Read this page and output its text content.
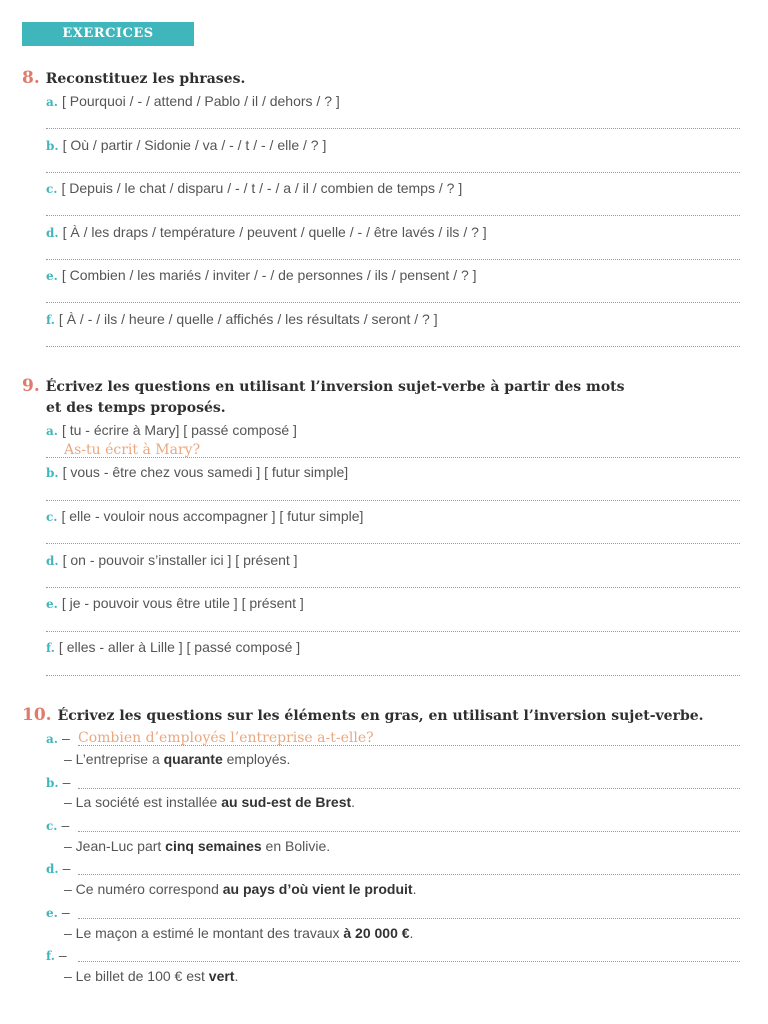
EXERCICES
8. Reconstituez les phrases.
a. [ Pourquoi / - / attend / Pablo / il / dehors / ? ]
b. [ Où / partir / Sidonie / va / - / t / - / elle / ? ]
c. [ Depuis / le chat / disparu / - / t / - / a / il / combien de temps / ? ]
d. [ À / les draps / température / peuvent / quelle / - / être lavés / ils / ? ]
e. [ Combien / les mariés / inviter / - / de personnes / ils / pensent / ? ]
f. [ À / - / ils / heure / quelle / affichés / les résultats / seront / ? ]
9. Écrivez les questions en utilisant l’inversion sujet-verbe à partir des mots
et des temps proposés.
a. [ tu - écrire à Mary] [ passé composé ]
As-tu écrit à Mary?
b. [ vous - être chez vous samedi ] [ futur simple]
c. [ elle - vouloir nous accompagner ] [ futur simple]
d. [ on - pouvoir s’installer ici ] [ présent ]
e. [ je - pouvoir vous être utile ] [ présent ]
f. [ elles - aller à Lille ] [ passé composé ]
10. Écrivez les questions sur les éléments en gras, en utilisant l’inversion sujet-verbe.
a. – Combien d’employés l’entreprise a-t-elle?
– L’entreprise a quarante employés.
b. –
– La société est installée au sud-est de Brest.
c. –
– Jean-Luc part cinq semaines en Bolivie.
d. –
– Ce numéro correspond au pays d’où vient le produit.
e. –
– Le maçon a estimé le montant des travaux à 20 000 €.
f. –
– Le billet de 100 € est vert.
